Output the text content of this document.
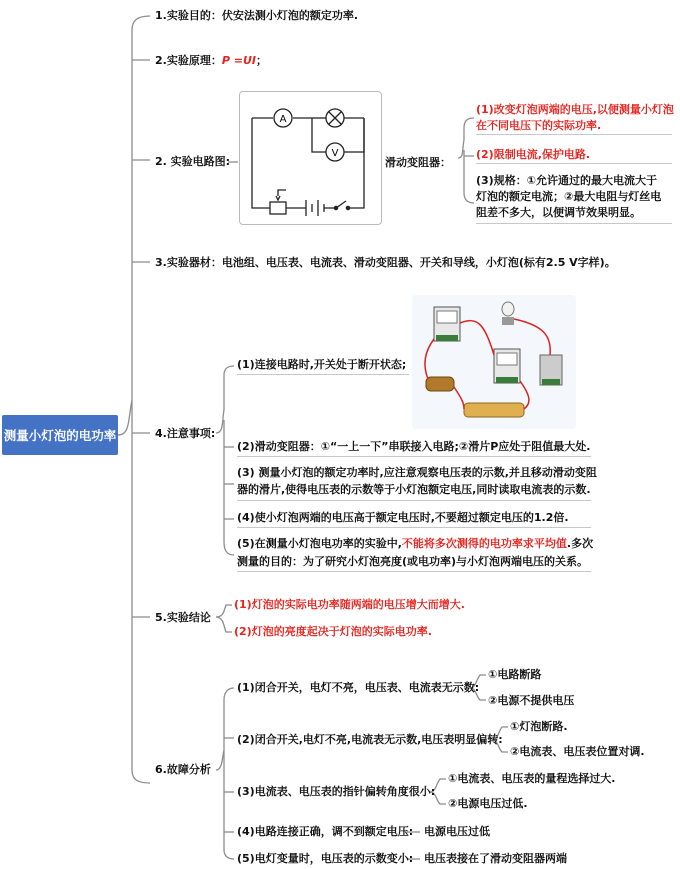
测量小灯泡的电功率
1.实验目的：伏安法测小灯泡的额定功率.
2.实验原理：P =UI；
2. 实验电路图:
A
V
滑动变阻器：
(1)改变灯泡两端的电压,以便测量小灯泡
在不同电压下的实际功率.
(2)限制电流,保护电路.
(3)规格：①允许通过的最大电流大于
灯泡的额定电流；②最大电阻与灯丝电
阻差不多大，以便调节效果明显。
3.实验器材：电池组、电压表、电流表、滑动变阻器、开关和导线，小灯泡(标有2.5 V字样)。
4.注意事项:
(1)连接电路时,开关处于断开状态;
(2)滑动变阻器：①“一上一下”串联接入电路;②滑片P应处于阻值最大处.
(3) 测量小灯泡的额定功率时,应注意观察电压表的示数,并且移动滑动变阻
器的滑片,使得电压表的示数等于小灯泡额定电压,同时读取电流表的示数.
(4)使小灯泡两端的电压高于额定电压时,不要超过额定电压的1.2倍.
(5)在测量小灯泡电功率的实验中,不能将多次测得的电功率求平均值.多次
测量的目的：为了研究小灯泡亮度(或电功率)与小灯泡两端电压的关系。
5.实验结论
(1)灯泡的实际电功率随两端的电压增大而增大.
(2)灯泡的亮度起决于灯泡的实际电功率.
6.故障分析
(1)闭合开关，电灯不亮，电压表、电流表无示数:
①电路断路
②电源不提供电压
(2)闭合开关,电灯不亮,电流表无示数,电压表明显偏转:
①灯泡断路.
②电流表、电压表位置对调.
(3)电流表、电压表的指针偏转角度很小:
①电流表、电压表的量程选择过大.
②电源电压过低.
(4)电路连接正确，调不到额定电压: 电源电压过低
(5)电灯变量时，电压表的示数变小: 电压表接在了滑动变阻器两端
